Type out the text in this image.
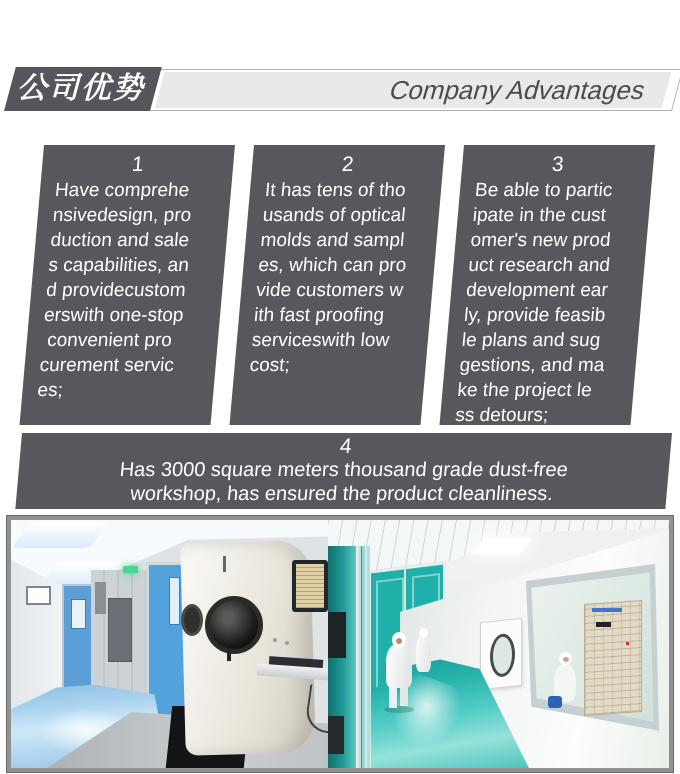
Company Advantages
公司优势
1
Have comprehe
nsivedesign, pro
duction and sale
s capabilities, an
d providecustom
erswith one-stop
convenient pro
curement servic
es;
2
It has tens of tho
usands of optical
molds and sampl
es, which can pro
vide customers w
ith fast proofing
serviceswith low
cost;
3
Be able to partic
ipate in the cust
omer's new prod
uct research and
development ear
ly, provide feasib
le plans and sug
gestions, and ma
ke the project le
ss detours;
4
Has 3000 square meters thousand grade dust-free
workshop, has ensured the product cleanliness.
